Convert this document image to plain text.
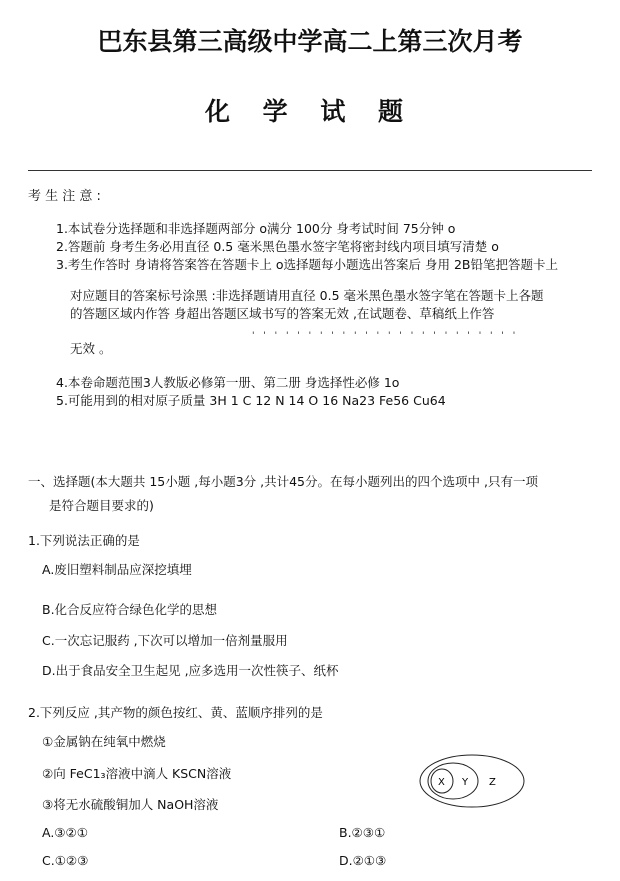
巴东县第三高级中学高二上第三次月考
化 学 试 题
考 生 注 意 :
1.本试卷分选择题和非选择题两部分 o满分 100分 身考试时间 75分钟 o
2.答题前 身考生务必用直径 0.5 毫米黑色墨水签字笔将密封线内项目填写清楚 o
3.考生作答时 身请将答案答在答题卡上 o选择题每小题选出答案后 身用 2B铅笔把答题卡上
对应题目的答案标号涂黑 :非选择题请用直径 0.5 毫米黑色墨水签字笔在答题卡上各题
的答题区域内作答 身超出答题区域书写的答案无效 ,在试题卷、草稿纸上作答
' ' ' ' ' ' ' ' ' ' ' ' ' ' ' ' ' ' ' ' ' ' ' '
无效 。
4.本卷命题范围3人教版必修第一册、第二册 身选择性必修 1o
5.可能用到的相对原子质量 3H 1 C 12 N 14 O 16 Na23 Fe56 Cu64
一、选择题(本大题共 15小题 ,每小题3分 ,共计45分。在每小题列出的四个选项中 ,只有一项
是符合题目要求的)
1.下列说法正确的是
A.废旧塑料制品应深挖填埋
B.化合反应符合绿色化学的思想
C.一次忘记服药 ,下次可以增加一倍剂量服用
D.出于食品安全卫生起见 ,应多选用一次性筷子、纸杯
2.下列反应 ,其产物的颜色按红、黄、蓝顺序排列的是
①金属钠在纯氧中燃烧
②向 FeC1₃溶液中滴人 KSCN溶液
③将无水硫酸铜加人 NaOH溶液
A.③②①	B.②③①
C.①②③	D.②①③
X Y Z
